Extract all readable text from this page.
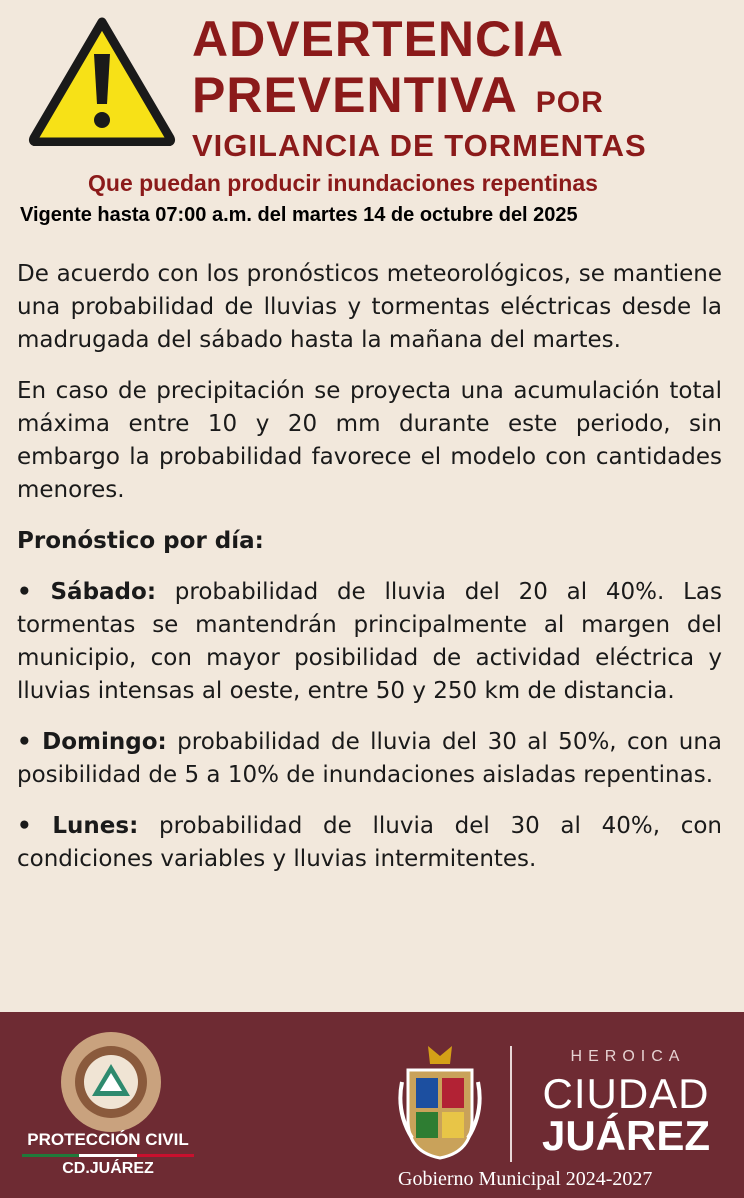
ADVERTENCIA
PREVENTIVA POR
VIGILANCIA DE TORMENTAS
Que puedan producir inundaciones repentinas
Vigente hasta 07:00 a.m. del martes 14 de octubre del 2025

De acuerdo con los pronósticos meteorológicos, se mantiene una probabilidad de lluvias y tormentas eléctricas desde la madrugada del sábado hasta la mañana del martes.

En caso de precipitación se proyecta una acumulación total máxima entre 10 y 20 mm durante este periodo, sin embargo la probabilidad favorece el modelo con cantidades menores.

Pronóstico por día:

• Sábado: probabilidad de lluvia del 20 al 40%. Las tormentas se mantendrán principalmente al margen del municipio, con mayor posibilidad de actividad eléctrica y lluvias intensas al oeste, entre 50 y 250 km de distancia.

• Domingo: probabilidad de lluvia del 30 al 50%, con una posibilidad de 5 a 10% de inundaciones aisladas repentinas.

• Lunes: probabilidad de lluvia del 30 al 40%, con condiciones variables y lluvias intermitentes.

PROTECCIÓN CIVIL
CD.JUÁREZ
HEROICA
CIUDAD
JUÁREZ
Gobierno Municipal 2024-2027
